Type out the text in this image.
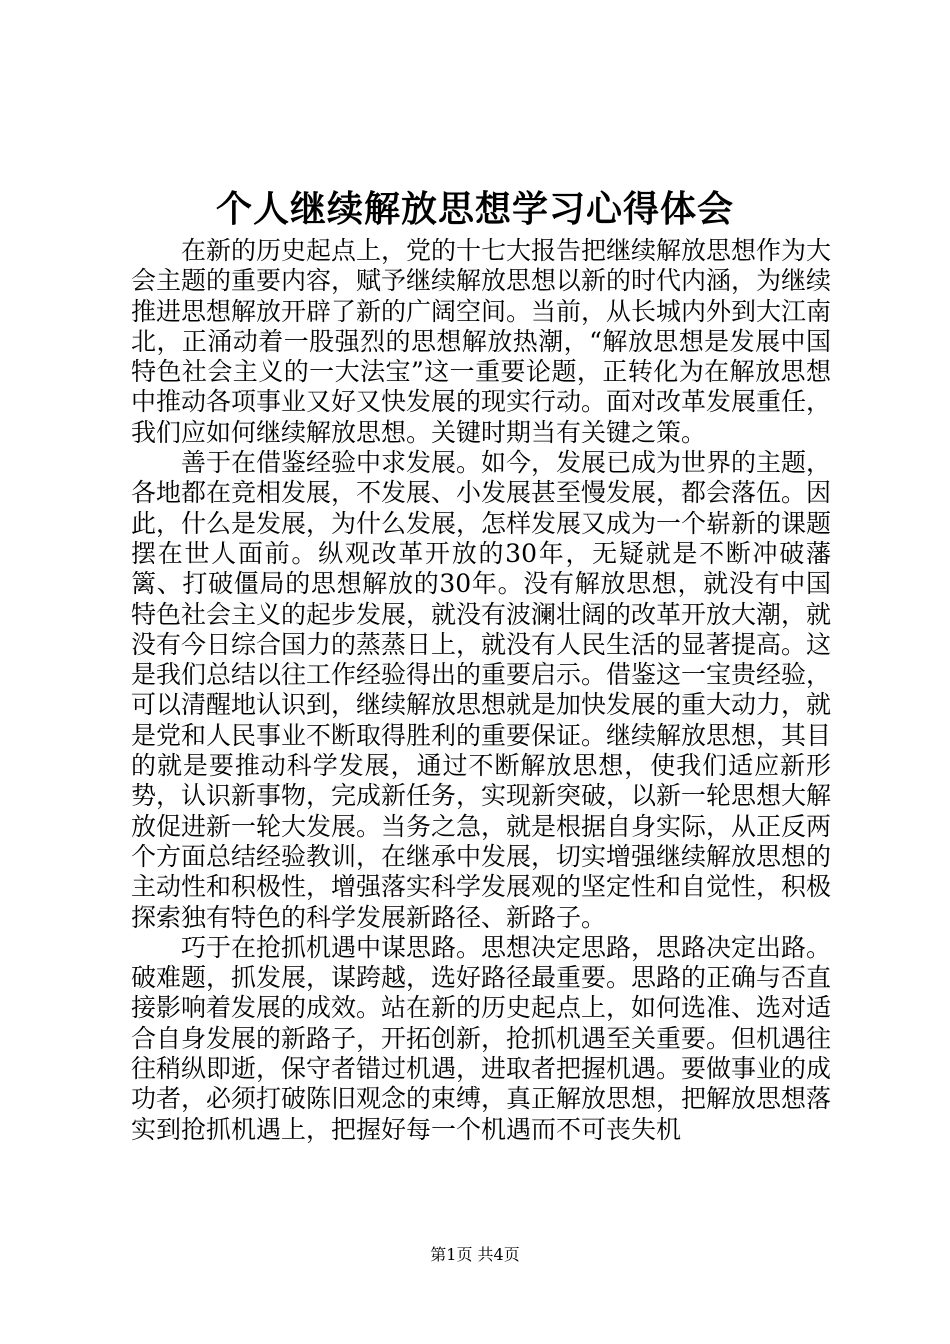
个人继续解放思想学习心得体会

在新的历史起点上，党的十七大报告把继续解放思想作为大会主题的重要内容，赋予继续解放思想以新的时代内涵，为继续推进思想解放开辟了新的广阔空间。当前，从长城内外到大江南北，正涌动着一股强烈的思想解放热潮，“解放思想是发展中国特色社会主义的一大法宝”这一重要论题，正转化为在解放思想中推动各项事业又好又快发展的现实行动。面对改革发展重任，我们应如何继续解放思想。关键时期当有关键之策。

善于在借鉴经验中求发展。如今，发展已成为世界的主题，各地都在竞相发展，不发展、小发展甚至慢发展，都会落伍。因此，什么是发展，为什么发展，怎样发展又成为一个崭新的课题摆在世人面前。纵观改革开放的30年，无疑就是不断冲破藩篱、打破僵局的思想解放的30年。没有解放思想，就没有中国特色社会主义的起步发展，就没有波澜壮阔的改革开放大潮，就没有今日综合国力的蒸蒸日上，就没有人民生活的显著提高。这是我们总结以往工作经验得出的重要启示。借鉴这一宝贵经验，可以清醒地认识到，继续解放思想就是加快发展的重大动力，就是党和人民事业不断取得胜利的重要保证。继续解放思想，其目的就是要推动科学发展，通过不断解放思想，使我们适应新形势，认识新事物，完成新任务，实现新突破，以新一轮思想大解放促进新一轮大发展。当务之急，就是根据自身实际，从正反两个方面总结经验教训，在继承中发展，切实增强继续解放思想的主动性和积极性，增强落实科学发展观的坚定性和自觉性，积极探索独有特色的科学发展新路径、新路子。

巧于在抢抓机遇中谋思路。思想决定思路，思路决定出路。破难题，抓发展，谋跨越，选好路径最重要。思路的正确与否直接影响着发展的成效。站在新的历史起点上，如何选准、选对适合自身发展的新路子，开拓创新，抢抓机遇至关重要。但机遇往往稍纵即逝，保守者错过机遇，进取者把握机遇。要做事业的成功者，必须打破陈旧观念的束缚，真正解放思想，把解放思想落实到抢抓机遇上，把握好每一个机遇而不可丧失机

第1页 共4页
